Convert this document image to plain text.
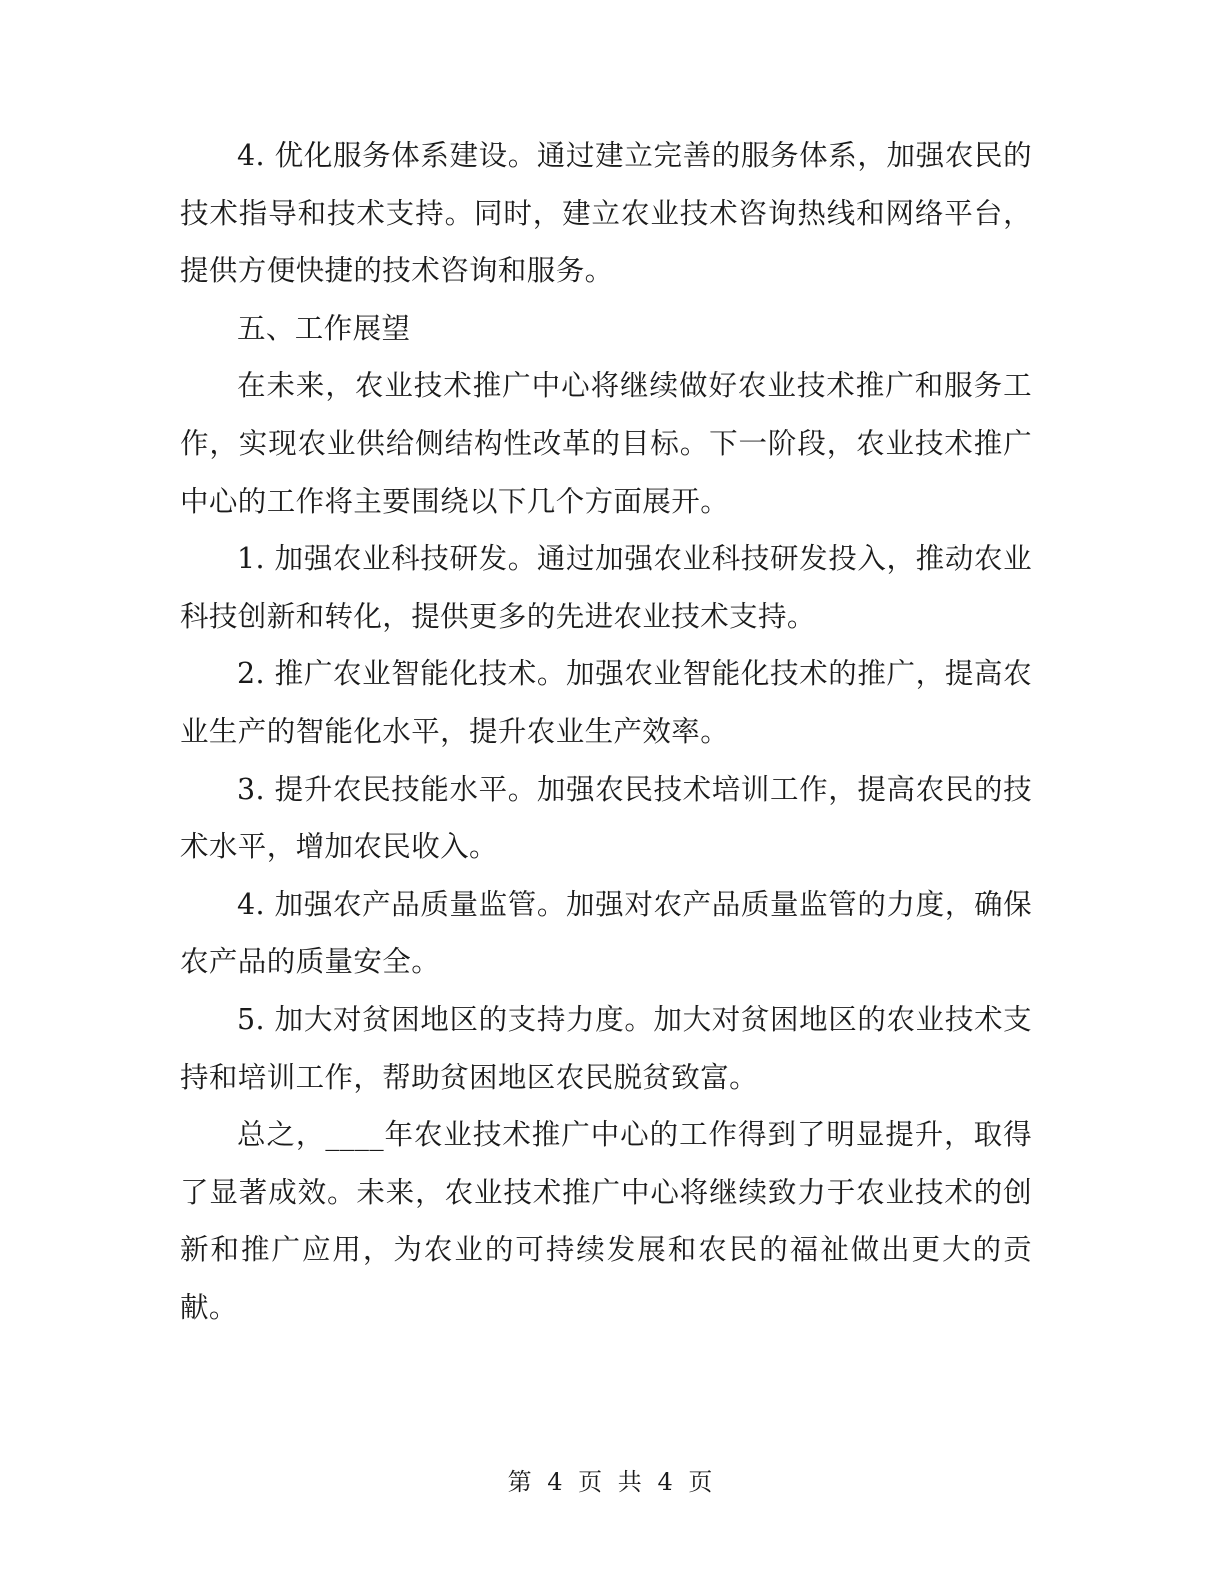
4. 优化服务体系建设。通过建立完善的服务体系，加强农民的技术指导和技术支持。同时，建立农业技术咨询热线和网络平台，提供方便快捷的技术咨询和服务。

五、工作展望

在未来，农业技术推广中心将继续做好农业技术推广和服务工作，实现农业供给侧结构性改革的目标。下一阶段，农业技术推广中心的工作将主要围绕以下几个方面展开。

1. 加强农业科技研发。通过加强农业科技研发投入，推动农业科技创新和转化，提供更多的先进农业技术支持。

2. 推广农业智能化技术。加强农业智能化技术的推广，提高农业生产的智能化水平，提升农业生产效率。

3. 提升农民技能水平。加强农民技术培训工作，提高农民的技术水平，增加农民收入。

4. 加强农产品质量监管。加强对农产品质量监管的力度，确保农产品的质量安全。

5. 加大对贫困地区的支持力度。加大对贫困地区的农业技术支持和培训工作，帮助贫困地区农民脱贫致富。

总之，____年农业技术推广中心的工作得到了明显提升，取得了显著成效。未来，农业技术推广中心将继续致力于农业技术的创新和推广应用，为农业的可持续发展和农民的福祉做出更大的贡献。

第 4 页 共 4 页
